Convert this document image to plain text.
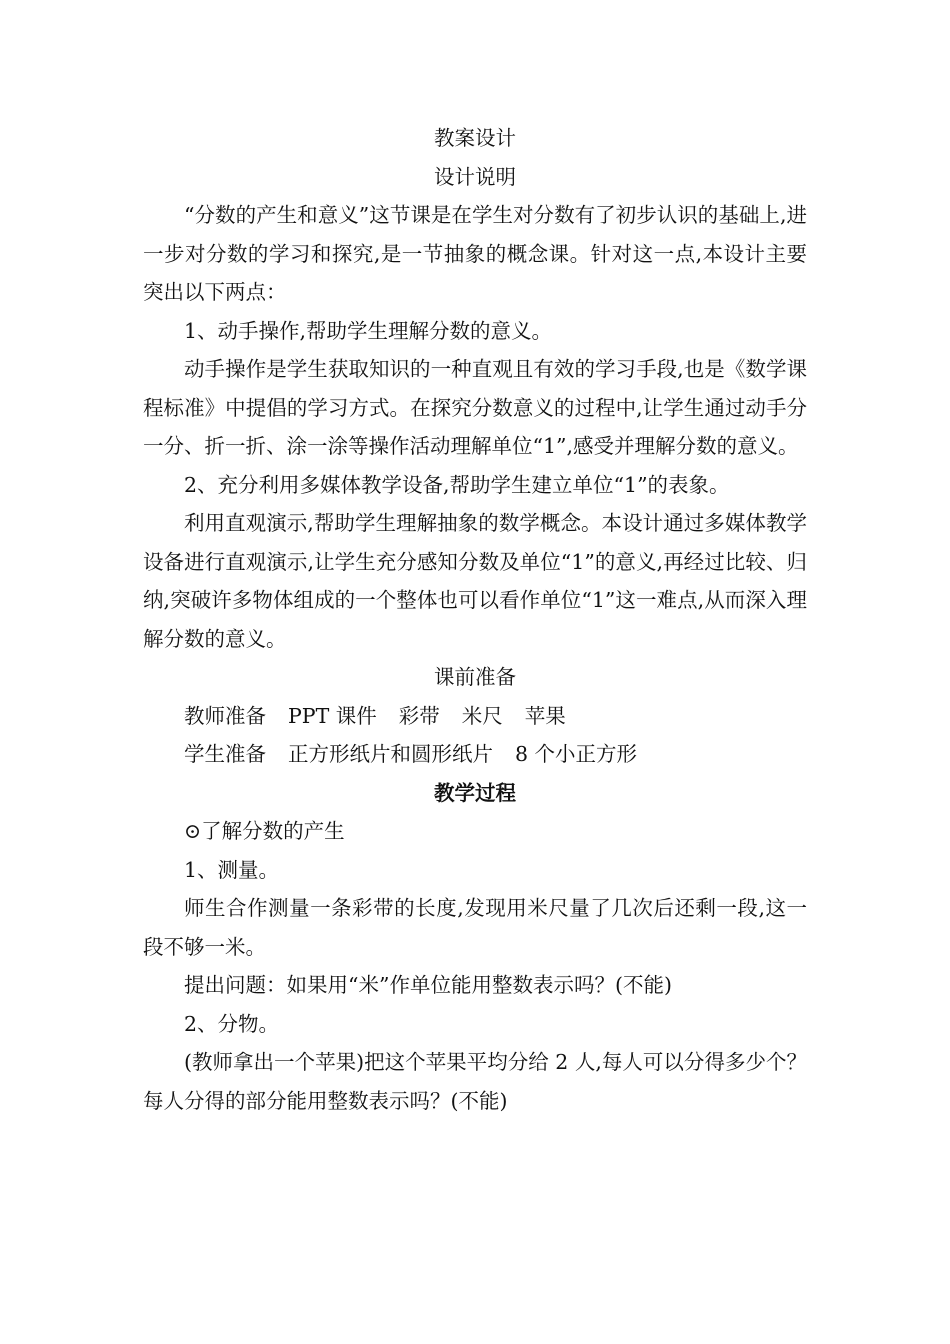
教案设计

设计说明

“分数的产生和意义”这节课是在学生对分数有了初步认识的基础上,进一步对分数的学习和探究,是一节抽象的概念课。针对这一点,本设计主要突出以下两点：

1、动手操作,帮助学生理解分数的意义。

动手操作是学生获取知识的一种直观且有效的学习手段,也是《数学课程标准》中提倡的学习方式。在探究分数意义的过程中,让学生通过动手分一分、折一折、涂一涂等操作活动理解单位“1”,感受并理解分数的意义。

2、充分利用多媒体教学设备,帮助学生建立单位“1”的表象。

利用直观演示,帮助学生理解抽象的数学概念。本设计通过多媒体教学设备进行直观演示,让学生充分感知分数及单位“1”的意义,再经过比较、归纳,突破许多物体组成的一个整体也可以看作单位“1”这一难点,从而深入理解分数的意义。

课前准备

教师准备 PPT 课件 彩带 米尺 苹果

学生准备 正方形纸片和圆形纸片 8 个小正方形

教学过程

⊙了解分数的产生

1、测量。

师生合作测量一条彩带的长度,发现用米尺量了几次后还剩一段,这一段不够一米。

提出问题：如果用“米”作单位能用整数表示吗？(不能)

2、分物。

(教师拿出一个苹果)把这个苹果平均分给 2 人,每人可以分得多少个？每人分得的部分能用整数表示吗？(不能)
